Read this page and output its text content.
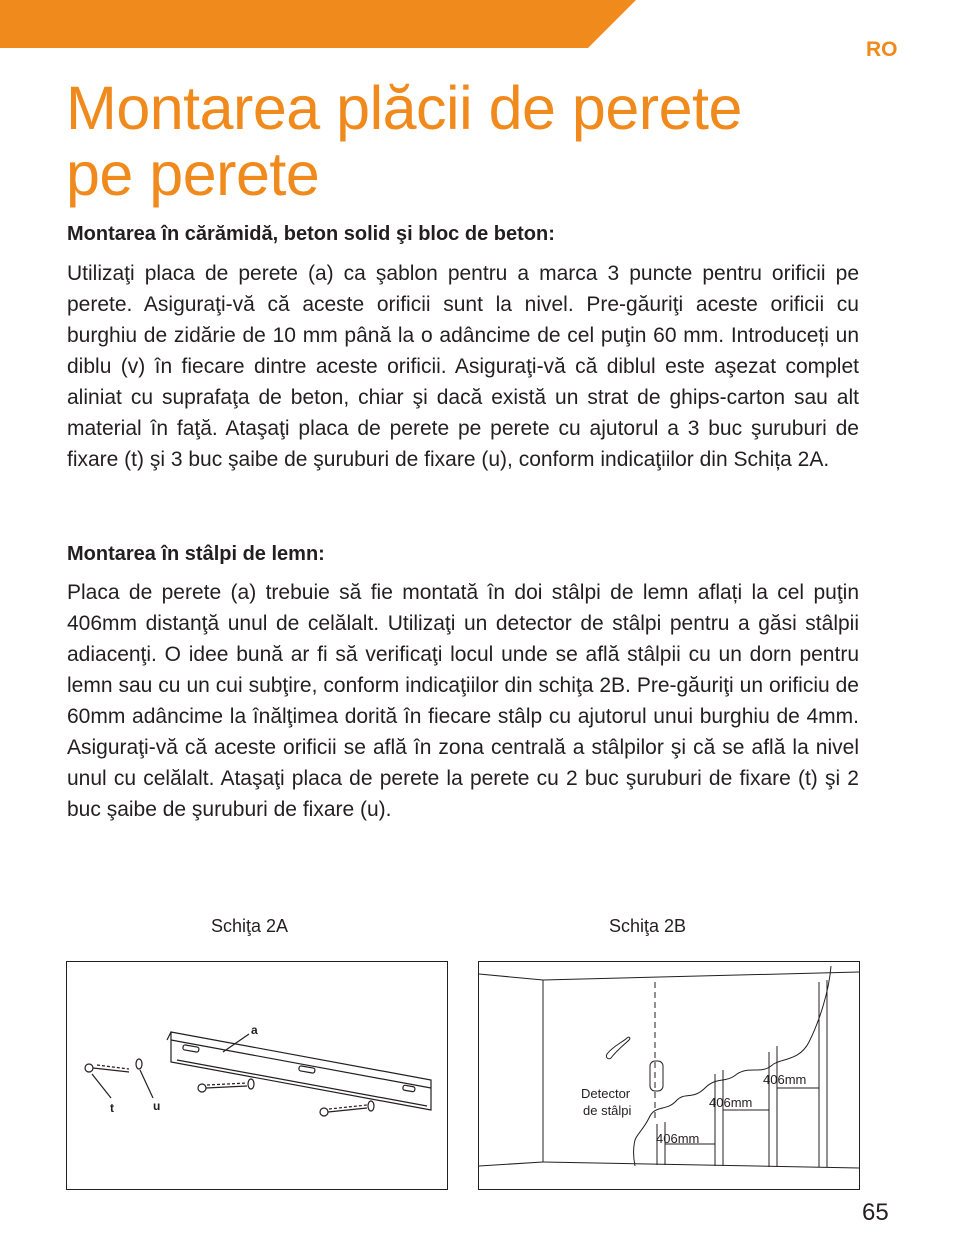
RO
Montarea plăcii de perete
pe perete
Montarea în cărămidă, beton solid şi bloc de beton:

Utilizaţi placa de perete (a) ca şablon pentru a marca 3 puncte pentru orificii pe perete. Asiguraţi-vă că aceste orificii sunt la nivel. Pre-găuriţi aceste orificii cu burghiu de zidărie de 10 mm până la o adâncime de cel puţin 60 mm. Introduceți un diblu (v) în fiecare dintre aceste orificii. Asiguraţi-vă că diblul este aşezat complet aliniat cu suprafaţa de beton, chiar şi dacă există un strat de ghips-carton sau alt material în faţă. Ataşaţi placa de perete pe perete cu ajutorul a 3 buc şuruburi de fixare (t) şi 3 buc şaibe de şuruburi de fixare (u), conform indicaţiilor din Schița 2A.

Montarea în stâlpi de lemn:

Placa de perete (a) trebuie să fie montată în doi stâlpi de lemn aflați la cel puţin 406mm distanţă unul de celălalt. Utilizaţi un detector de stâlpi pentru a găsi stâlpii adiacenţi. O idee bună ar fi să verificaţi locul unde se află stâlpii cu un dorn pentru lemn sau cu un cui subţire, conform indicaţiilor din schiţa 2B. Pre-găuriţi un orificiu de 60mm adâncime la înălţimea dorită în fiecare stâlp cu ajutorul unui burghiu de 4mm. Asiguraţi-vă că aceste orificii se află în zona centrală a stâlpilor şi că se află la nivel unul cu celălalt. Ataşaţi placa de perete la perete cu 2 buc şuruburi de fixare (t) şi 2 buc şaibe de şuruburi de fixare (u).

Schiţa 2A	Schiţa 2B
a
t	u
406mm
406mm
406mm
Detector
de stâlpi
65
